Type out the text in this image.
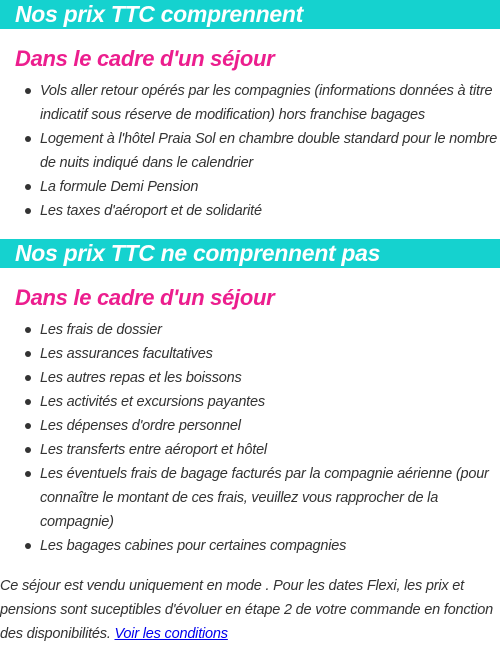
Nos prix TTC comprennent
Dans le cadre d'un séjour
Vols aller retour opérés par les compagnies (informations données à titre indicatif sous réserve de modification) hors franchise bagages
Logement à l'hôtel Praia Sol en chambre double standard pour le nombre de nuits indiqué dans le calendrier
La formule Demi Pension
Les taxes d'aéroport et de solidarité
Nos prix TTC ne comprennent pas
Dans le cadre d'un séjour
Les frais de dossier
Les assurances facultatives
Les autres repas et les boissons
Les activités et excursions payantes
Les dépenses d'ordre personnel
Les transferts entre aéroport et hôtel
Les éventuels frais de bagage facturés par la compagnie aérienne (pour connaître le montant de ces frais, veuillez vous rapprocher de la compagnie)
Les bagages cabines pour certaines compagnies

Ce séjour est vendu uniquement en mode . Pour les dates Flexi, les prix et pensions sont suceptibles d'évoluer en étape 2 de votre commande en fonction des disponibilités. Voir les conditions
